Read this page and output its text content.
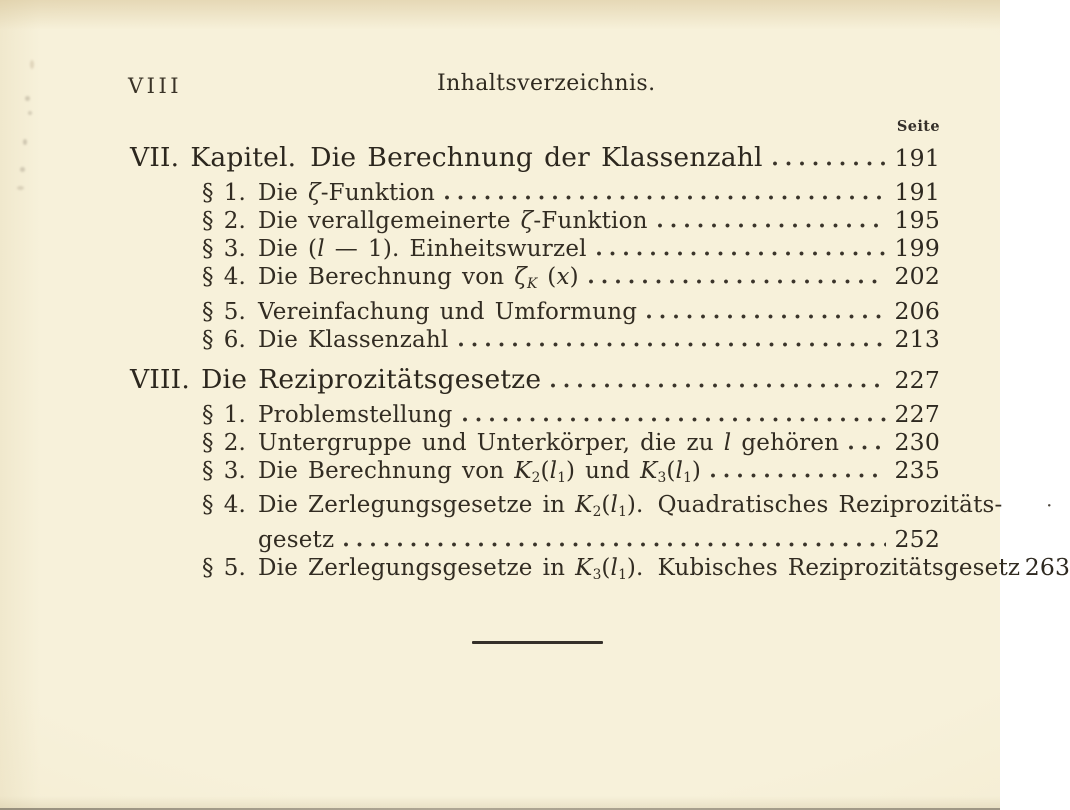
VIII	Inhaltsverzeichnis.
Seite
VII. Kapitel. Die Berechnung der Klassenzahl	191
§ 1. Die ζ-Funktion	191
§ 2. Die verallgemeinerte ζ-Funktion	195
§ 3. Die (l — 1). Einheitswurzel	199
§ 4. Die Berechnung von $\zeta_K$ (x)	202
§ 5. Vereinfachung und Umformung	206
§ 6. Die Klassenzahl	213
VIII. Die Reziprozitätsgesetze	227
§ 1. Problemstellung	227
§ 2. Untergruppe und Unterkörper, die zu l gehören 230
§ 3. Die Berechnung von $K_2(l_1)$ und $K_3(l_1)$	235
§ 4. Die Zerlegungsgesetze in $K_2(l_1)$. Quadratisches Reziprozitäts-	·
gesetz	252
§ 5. Die Zerlegungsgesetze in $K_3(l_1)$. Kubisches Reziprozitätsgesetz 263
